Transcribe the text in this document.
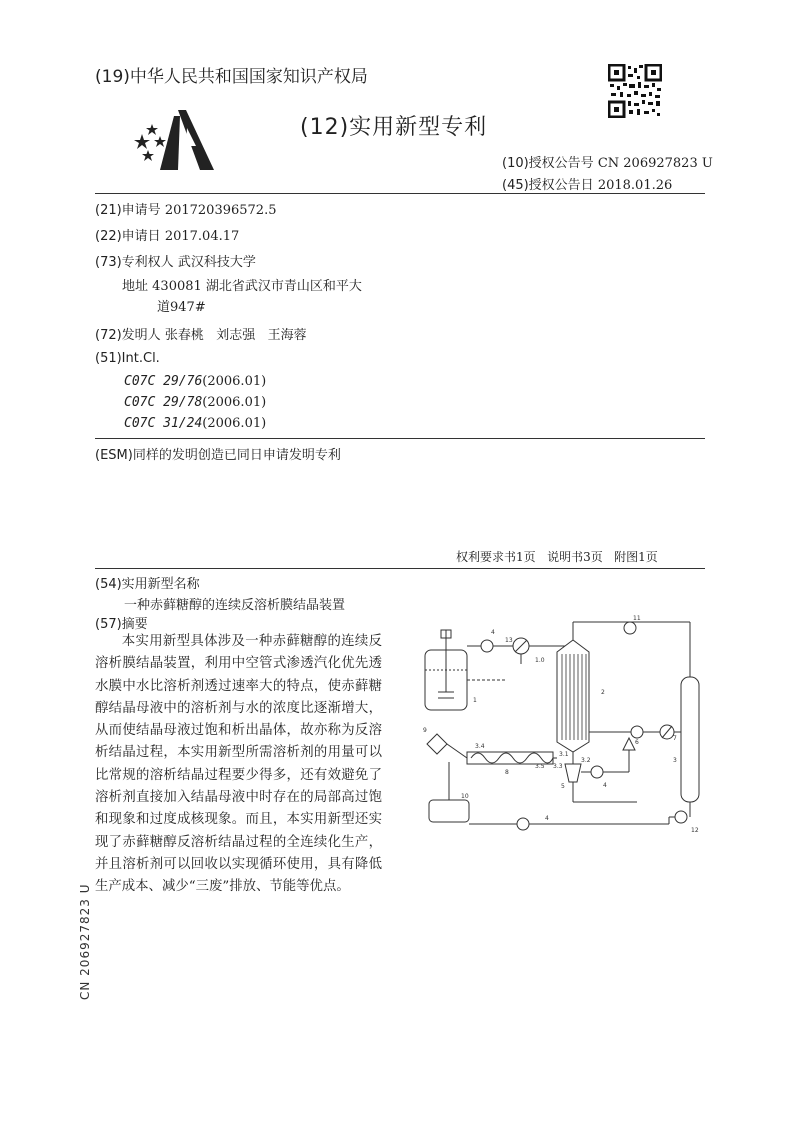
(19)中华人民共和国国家知识产权局
(12)实用新型专利
(10)授权公告号 CN 206927823 U
(45)授权公告日 2018.01.26
(21)申请号 201720396572.5
(22)申请日 2017.04.17
(73)专利权人 武汉科技大学
地址 430081 湖北省武汉市青山区和平大
道947#
(72)发明人 张春桃   刘志强   王海蓉
(51)Int.Cl.
C07C 29/76(2006.01)
C07C 29/78(2006.01)
C07C 31/24(2006.01)
(ESM)同样的发明创造已同日申请发明专利
权利要求书1页   说明书3页   附图1页
(54)实用新型名称
一种赤藓糖醇的连续反溶析膜结晶装置
(57)摘要
本实用新型具体涉及一种赤藓糖醇的连续反溶析膜结晶装置，利用中空管式渗透汽化优先透水膜中水比溶析剂透过速率大的特点，使赤藓糖醇结晶母液中的溶析剂与水的浓度比逐渐增大，从而使结晶母液过饱和析出晶体，故亦称为反溶析结晶过程，本实用新型所需溶析剂的用量可以比常规的溶析结晶过程要少得多，还有效避免了溶析剂直接加入结晶母液中时存在的局部高过饱和现象和过度成核现象。而且，本实用新型还实现了赤藓糖醇反溶析结晶过程的全连续化生产，并且溶析剂可以回收以实现循环使用，具有降低生产成本、减少“三废”排放、节能等优点。
CN 206927823 U
1
2
3
4
4
4
5
6
7
8
9
1.0
10
11
12
3.1
3.2
3.3
3.4
3.5
13
